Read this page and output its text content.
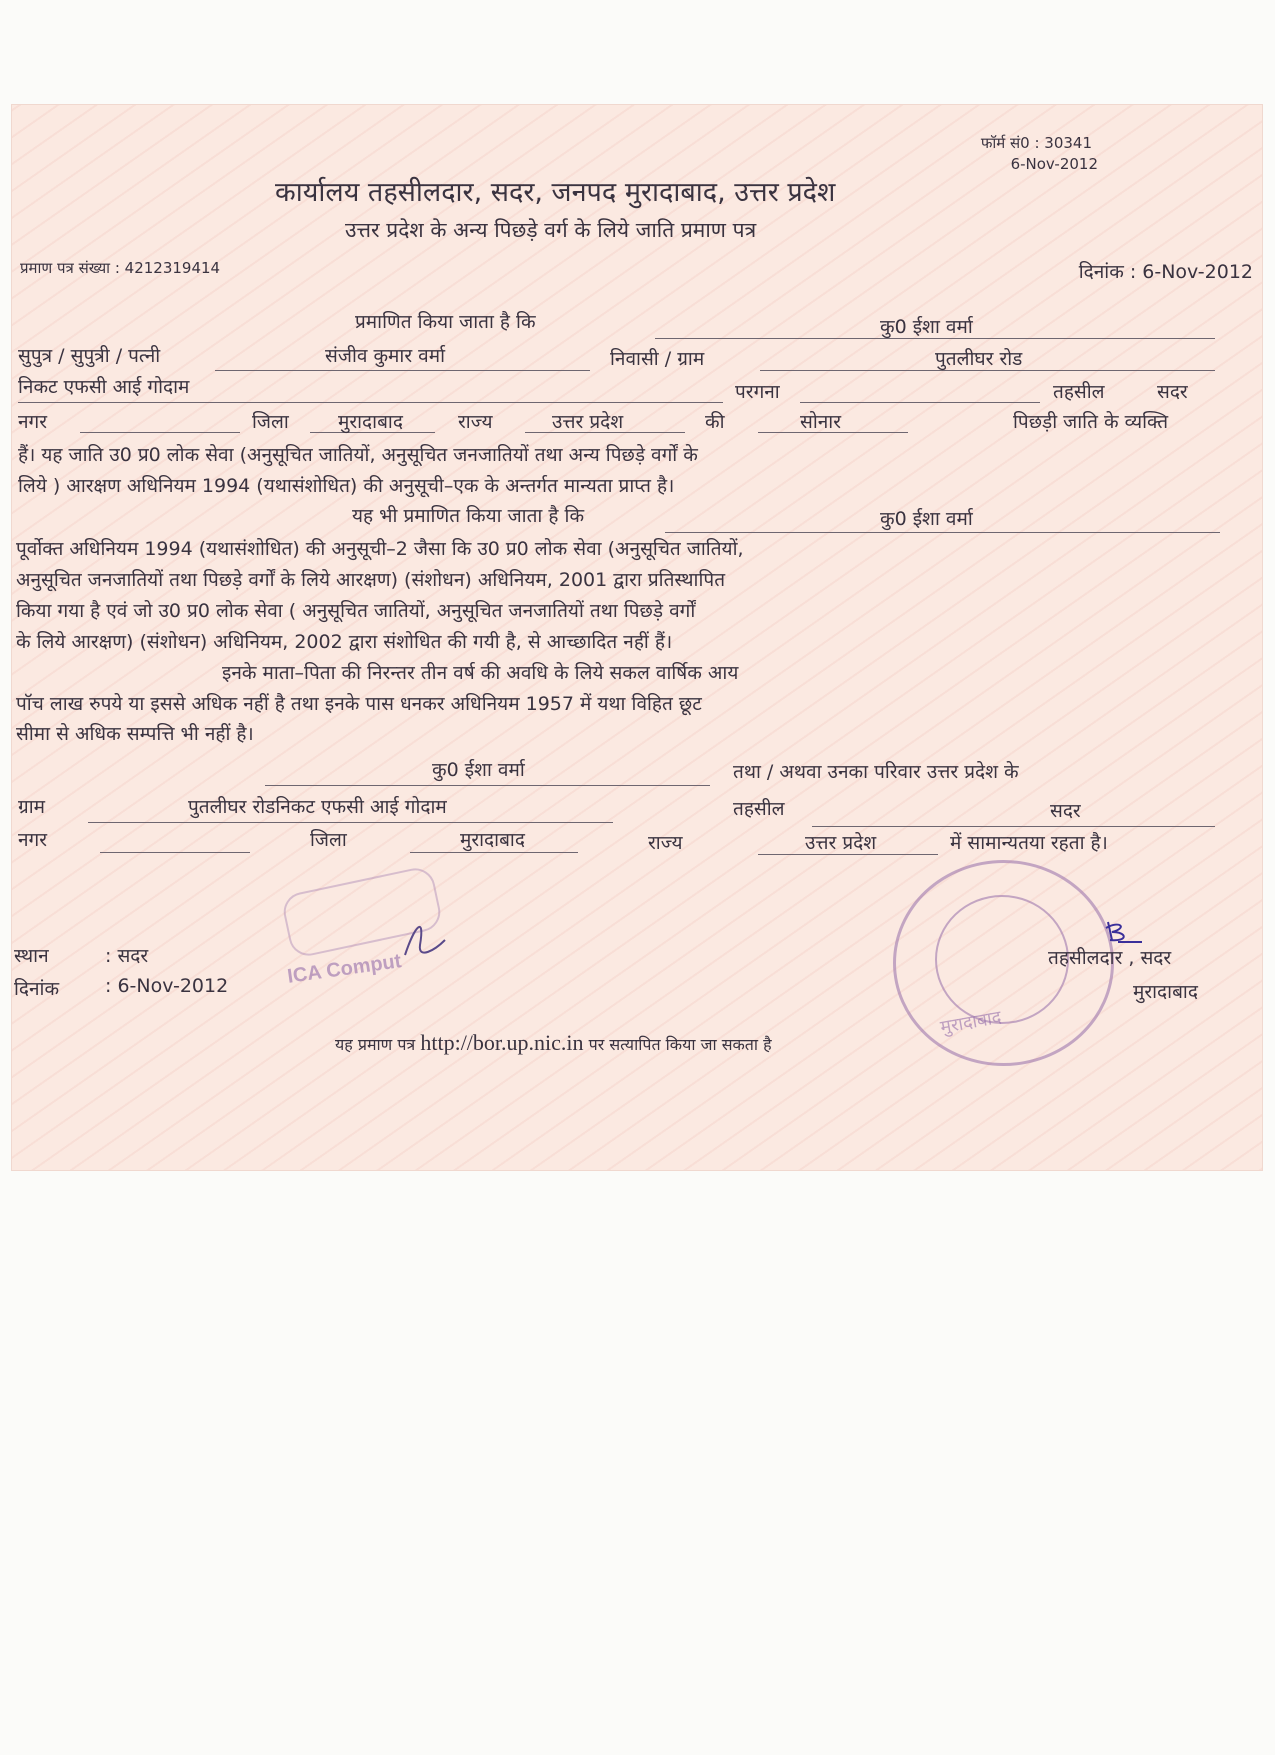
फॉर्म सं0 : 30341
6-Nov-2012
कार्यालय तहसीलदार, सदर, जनपद मुरादाबाद, उत्तर प्रदेश
उत्तर प्रदेश के अन्य पिछड़े वर्ग के लिये जाति प्रमाण पत्र
प्रमाण पत्र संख्या : 4212319414	दिनांक : 6-Nov-2012
प्रमाणित किया जाता है कि	कु0 ईशा वर्मा
सुपुत्र / सुपुत्री / पत्नी	संजीव कुमार वर्मा	निवासी / ग्राम	पुतलीघर रोड
निकट एफसी आई गोदाम	परगना	तहसील	सदर
नगर	जिला	मुरादाबाद	राज्य	उत्तर प्रदेश	की	सोनार	पिछड़ी जाति के व्यक्ति
हैं। यह जाति उ0 प्र0 लोक सेवा (अनुसूचित जातियों, अनुसूचित जनजातियों तथा अन्य पिछड़े वर्गों के
लिये ) आरक्षण अधिनियम 1994 (यथासंशोधित) की अनुसूची–एक के अन्तर्गत मान्यता प्राप्त है।
यह भी प्रमाणित किया जाता है कि	कु0 ईशा वर्मा
पूर्वोक्त अधिनियम 1994 (यथासंशोधित) की अनुसूची–2 जैसा कि उ0 प्र0 लोक सेवा (अनुसूचित जातियों,
अनुसूचित जनजातियों तथा पिछड़े वर्गों के लिये आरक्षण) (संशोधन) अधिनियम, 2001 द्वारा प्रतिस्थापित
किया गया है एवं जो उ0 प्र0 लोक सेवा ( अनुसूचित जातियों, अनुसूचित जनजातियों तथा पिछड़े वर्गों
के लिये आरक्षण) (संशोधन) अधिनियम, 2002 द्वारा संशोधित की गयी है, से आच्छादित नहीं हैं।
इनके माता–पिता की निरन्तर तीन वर्ष की अवधि के लिये सकल वार्षिक आय
पॉच लाख रुपये या इससे अधिक नहीं है तथा इनके पास धनकर अधिनियम 1957 में यथा विहित छूट
सीमा से अधिक सम्पत्ति भी नहीं है।
कु0 ईशा वर्मा	तथा / अथवा उनका परिवार उत्तर प्रदेश के
ग्राम	पुतलीघर रोडनिकट एफसी आई गोदाम	तहसील	सदर
नगर	जिला	मुरादाबाद	राज्य	उत्तर प्रदेश	में सामान्यतया रहता है।
ICA Comput
मुरादाबाद
स्थान	: सदर
दिनांक : 6-Nov-2012
तहसीलदार , सदर
मुरादाबाद
यह प्रमाण पत्र http://bor.up.nic.in पर सत्यापित किया जा सकता है
